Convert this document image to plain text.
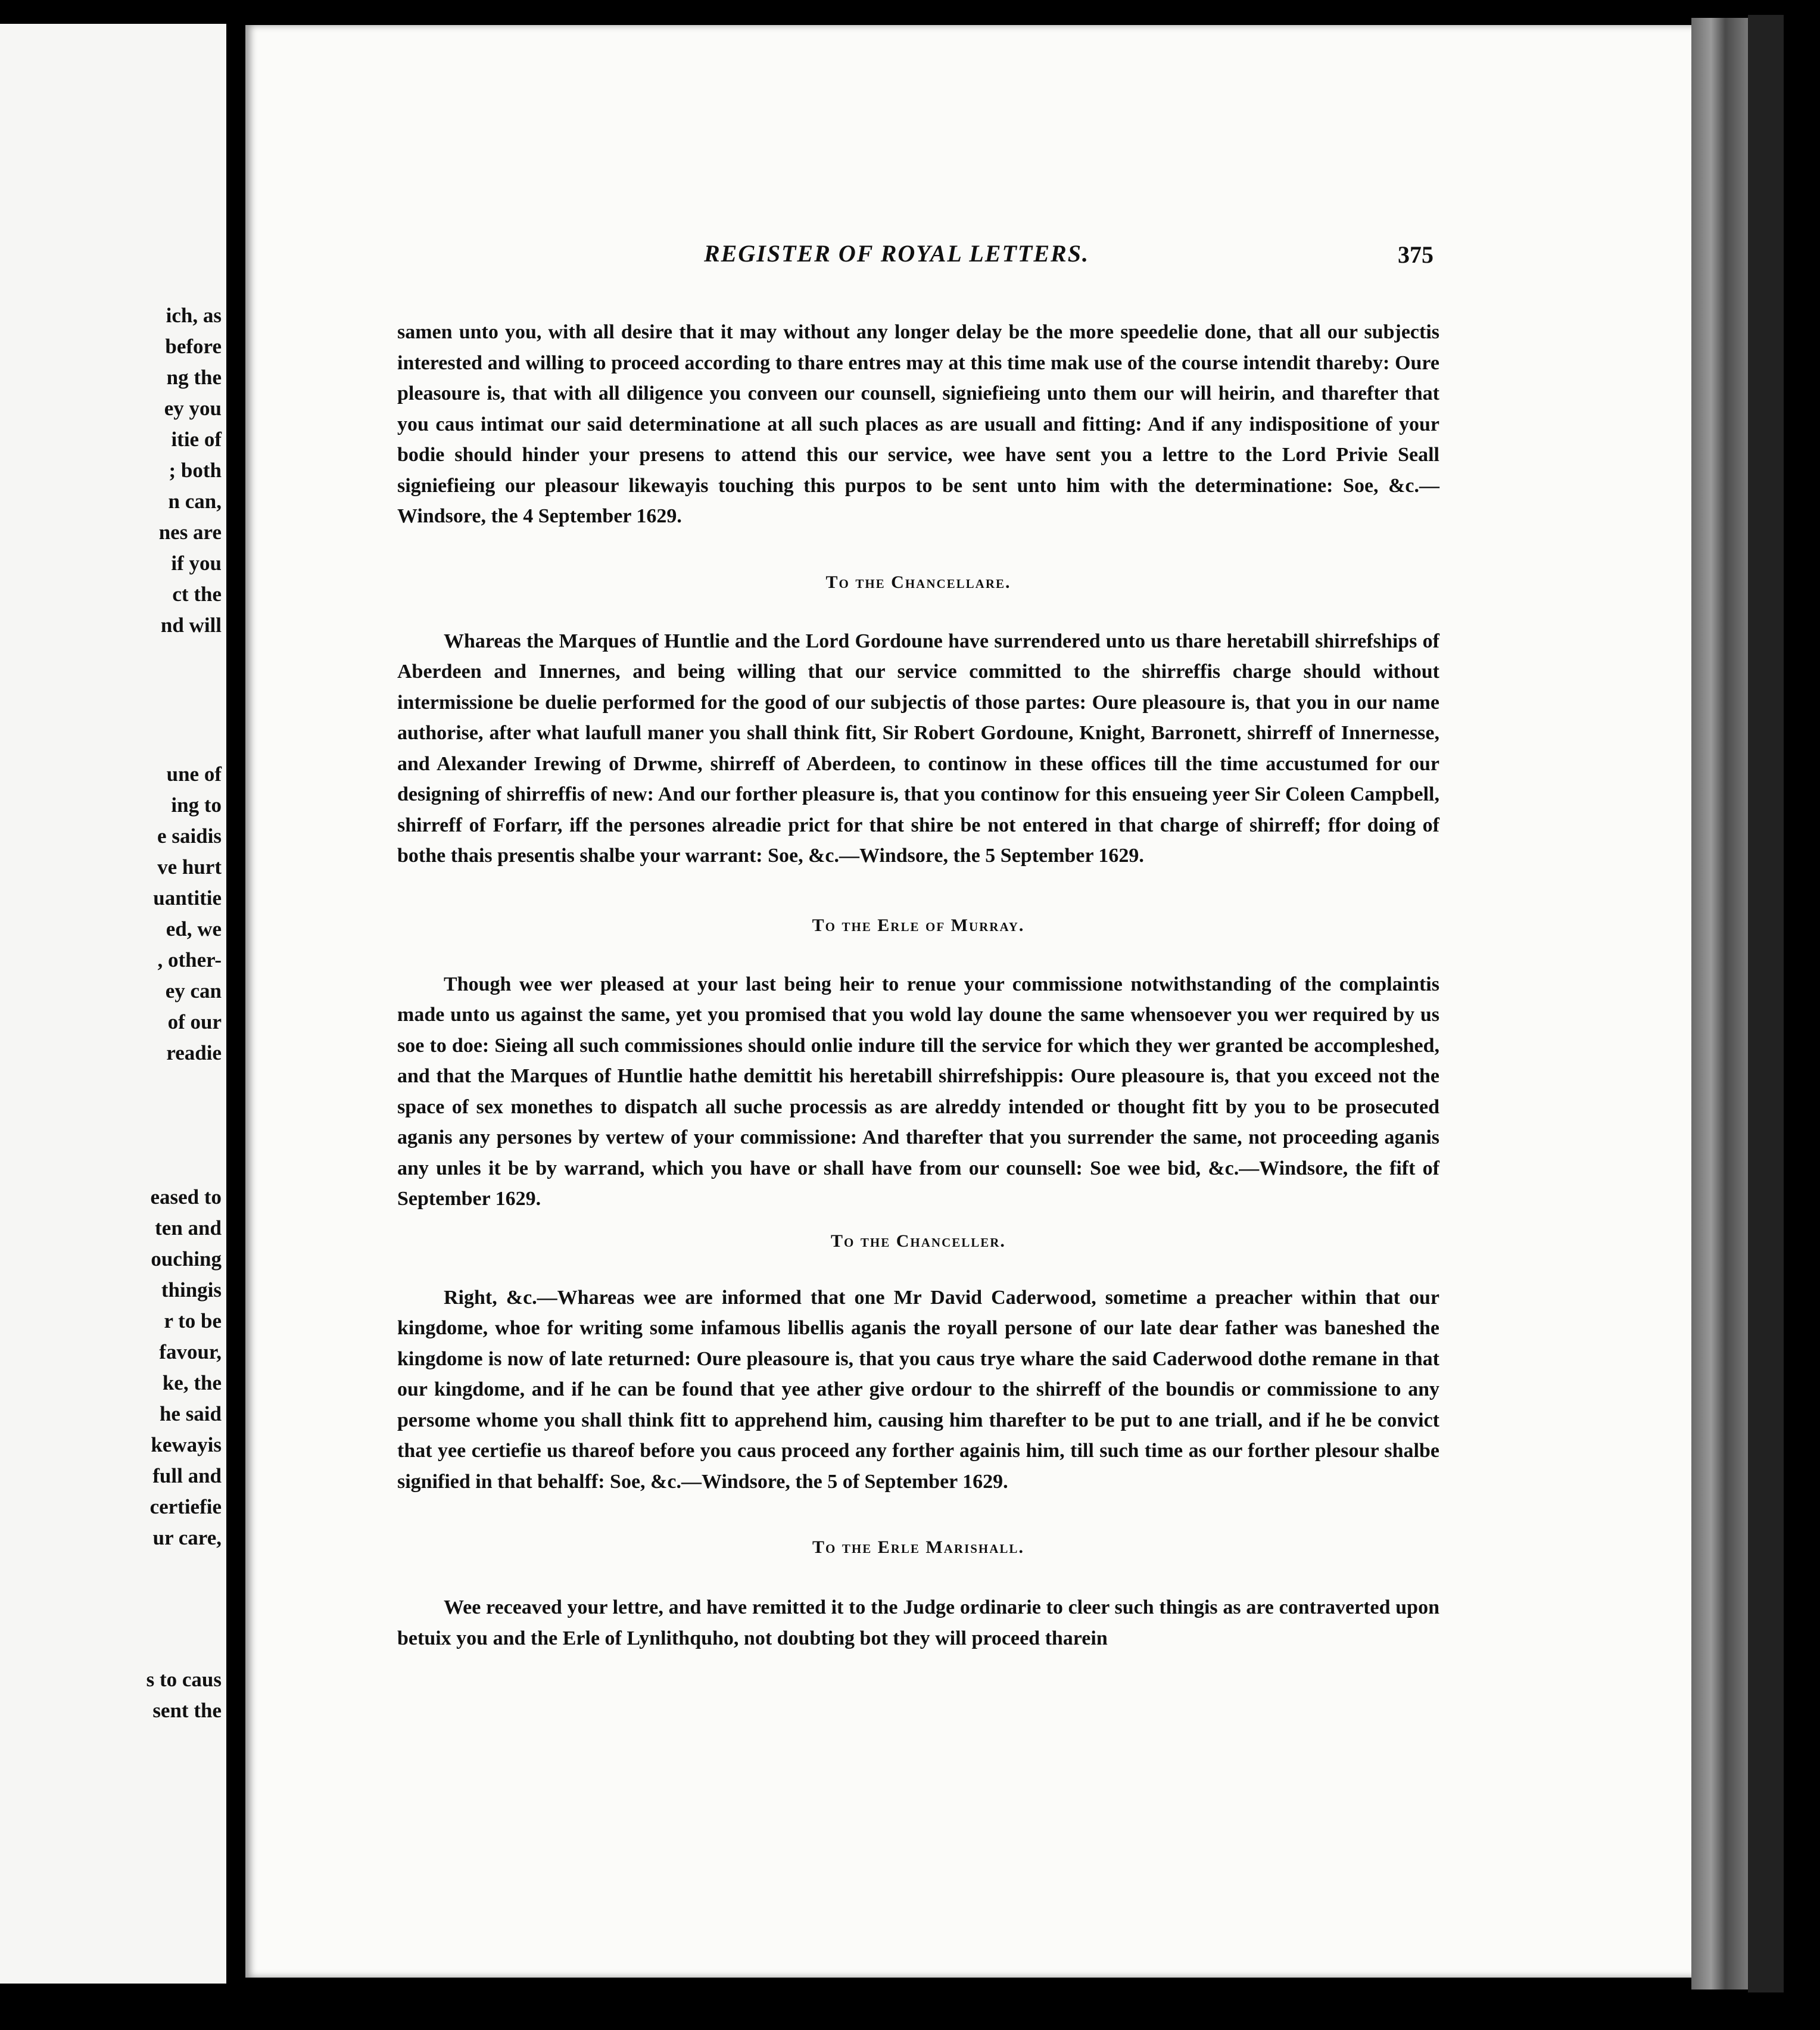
ich, as
before
ng the
ey you
itie of
; both
n can,
nes are
if you
ct the
nd will
une of
ing to
e saidis
ve hurt
uantitie
ed, we
, other-
ey can
of our
readie
eased to
ten and
ouching
thingis
r to be
favour,
ke, the
he said
kewayis
full and
certiefie
ur care,
s to caus
sent the
REGISTER OF ROYAL LETTERS.	375

samen unto you, with all desire that it may without any longer delay be the more speedelie done, that all our subjectis interested and willing to proceed according to thare entres may at this time mak use of the course intendit thareby: Oure pleasoure is, that with all diligence you conveen our counsell, signiefieing unto them our will heirin, and tharefter that you caus intimat our said determinatione at all such places as are usuall and fitting: And if any indispositione of your bodie should hinder your presens to attend this our service, wee have sent you a lettre to the Lord Privie Seall signiefieing our pleasour likewayis touching this purpos to be sent unto him with the determinatione: Soe, &c.—Windsore, the 4 September 1629.

To the Chancellare.

Whareas the Marques of Huntlie and the Lord Gordoune have surrendered unto us thare heretabill shirrefships of Aberdeen and Innernes, and being willing that our service committed to the shirreffis charge should without intermissione be duelie performed for the good of our subjectis of those partes: Oure pleasoure is, that you in our name authorise, after what laufull maner you shall think fitt, Sir Robert Gordoune, Knight, Barronett, shirreff of Innernesse, and Alexander Irewing of Drwme, shirreff of Aberdeen, to continow in these offices till the time accustumed for our designing of shirreffis of new: And our forther pleasure is, that you continow for this ensueing yeer Sir Coleen Campbell, shirreff of Forfarr, iff the persones alreadie prict for that shire be not entered in that charge of shirreff; ffor doing of bothe thais presentis shalbe your warrant: Soe, &c.—Windsore, the 5 September 1629.

To the Erle of Murray.

Though wee wer pleased at your last being heir to renue your commissione notwithstanding of the complaintis made unto us against the same, yet you promised that you wold lay doune the same whensoever you wer required by us soe to doe: Sieing all such commissiones should onlie indure till the service for which they wer granted be accompleshed, and that the Marques of Huntlie hathe demittit his heretabill shirrefshippis: Oure pleasoure is, that you exceed not the space of sex monethes to dispatch all suche processis as are alreddy intended or thought fitt by you to be prosecuted aganis any persones by vertew of your commissione: And tharefter that you surrender the same, not proceeding aganis any unles it be by warrand, which you have or shall have from our counsell: Soe wee bid, &c.—Windsore, the fift of September 1629.

To the Chanceller.

Right, &c.—Whareas wee are informed that one Mr David Caderwood, sometime a preacher within that our kingdome, whoe for writing some infamous libellis aganis the royall persone of our late dear father was baneshed the kingdome is now of late returned: Oure pleasoure is, that you caus trye whare the said Caderwood dothe remane in that our kingdome, and if he can be found that yee ather give ordour to the shirreff of the boundis or commissione to any persome whome you shall think fitt to apprehend him, causing him tharefter to be put to ane triall, and if he be convict that yee certiefie us thareof before you caus proceed any forther againis him, till such time as our forther plesour shalbe signified in that behalff: Soe, &c.—Windsore, the 5 of September 1629.

To the Erle Marishall.

Wee receaved your lettre, and have remitted it to the Judge ordinarie to cleer such thingis as are contraverted upon betuix you and the Erle of Lynlithquho, not doubting bot they will proceed tharein
